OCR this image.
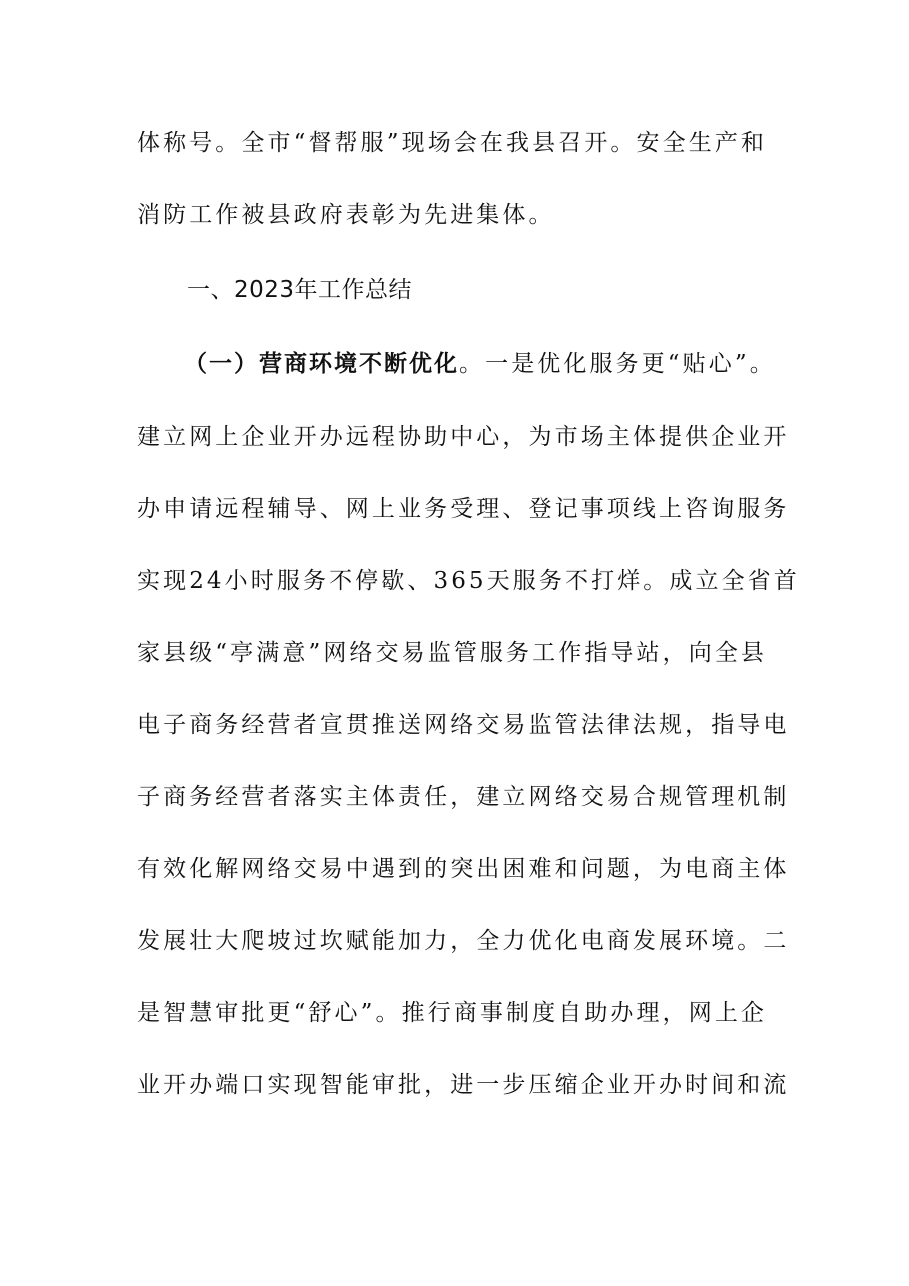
体称号。全市“督帮服”现场会在我县召开。安全生产和
消防工作被县政府表彰为先进集体。
一、2023年工作总结
（一）营商环境不断优化。一是优化服务更“贴心”。
建立网上企业开办远程协助中心，为市场主体提供企业开
办申请远程辅导、网上业务受理、登记事项线上咨询服务
实现24小时服务不停歇、365天服务不打烊。成立全省首
家县级“亭满意”网络交易监管服务工作指导站，向全县
电子商务经营者宣贯推送网络交易监管法律法规，指导电
子商务经营者落实主体责任，建立网络交易合规管理机制
有效化解网络交易中遇到的突出困难和问题，为电商主体
发展壮大爬坡过坎赋能加力，全力优化电商发展环境。二
是智慧审批更“舒心”。推行商事制度自助办理，网上企
业开办端口实现智能审批，进一步压缩企业开办时间和流
